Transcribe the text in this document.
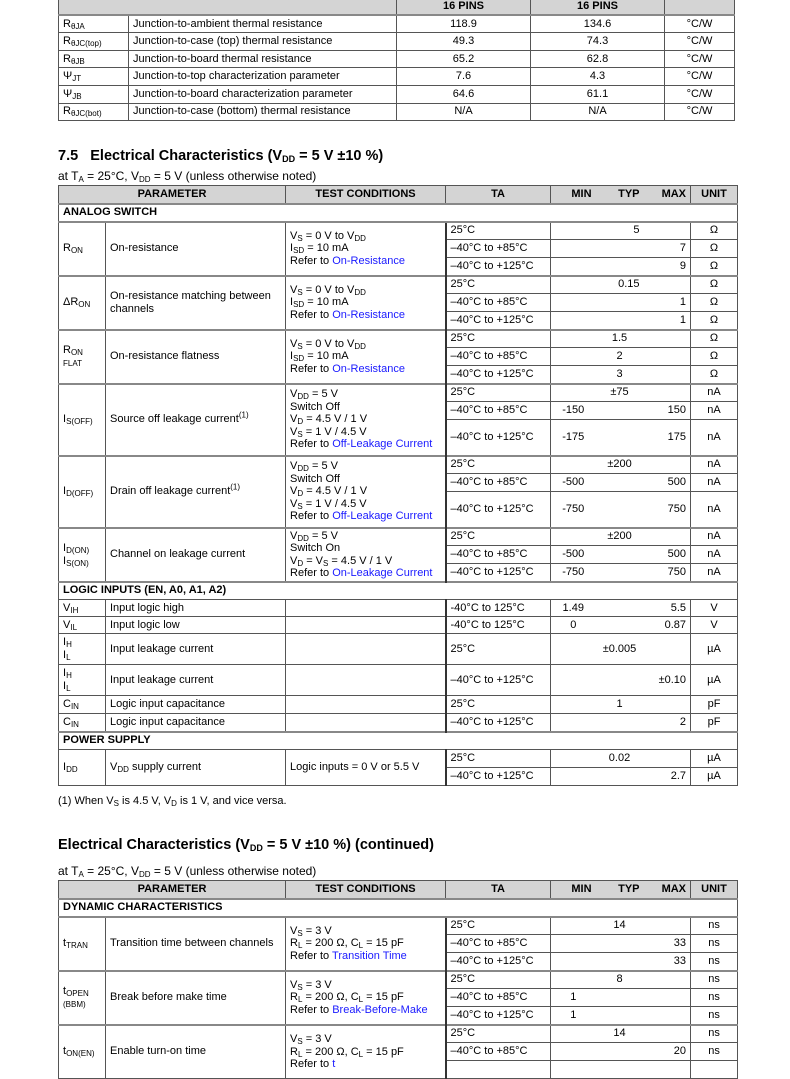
		16 PINS	16 PINS	
$R_{\theta JA}$	Junction-to-ambient thermal resistance	118.9	134.6	°C/W
$R_{\theta JC(top)}$	Junction-to-case (top) thermal resistance	49.3	74.3	°C/W
$R_{\theta JB}$	Junction-to-board thermal resistance	65.2	62.8	°C/W
$\Psi_{JT}$	Junction-to-top characterization parameter	7.6	4.3	°C/W
$\Psi_{JB}$	Junction-to-board characterization parameter	64.6	61.1	°C/W
$R_{\theta JC(bot)}$	Junction-to-case (bottom) thermal resistance	N/A	N/A	°C/W
7.5 Electrical Characteristics ($V_{DD} = 5$ V ±10 %)
at $T_A = 25^\circ C$, $V_{DD} = 5$ V (unless otherwise noted)
PARAMETER		TEST CONDITIONS	TA	MIN	TYP	MAX	UNIT
ANALOG SWITCH							
$R_{ON}$	On-resistance	$V_S = 0$ V to $V_{DD}$
$I_{SD} = 10$ mA
Refer to On-Resistance	25°C		5		Ω
			–40°C to +85°C			7	Ω
			–40°C to +125°C			9	Ω
$\Delta R_{ON}$	On-resistance matching between channels	$V_S = 0$ V to $V_{DD}$
$I_{SD} = 10$ mA
Refer to On-Resistance	25°C		0.15		Ω
			–40°C to +85°C			1	Ω
			–40°C to +125°C			1	Ω
$R_{ON}$
FLAT	On-resistance flatness	
$V_S = 0$ V to $V_{DD}$
$I_{SD} = 10$ mA
Refer to On-Resistance
	25°C		1.5		Ω
			–40°C to +85°C		2		Ω
			–40°C to +125°C		3		Ω
$I_{S(OFF)}$	Source off leakage current$^{(1)}$	$V_{DD} = 5$ V
Switch Off
$V_D = 4.5$ V / 1 V
$V_S = 1$ V / 4.5 V
Refer to Off-Leakage Current	25°C		±75		nA
			–40°C to +85°C	-150		150	nA
			–40°C to +125°C	-175		175	nA
$I_{D(OFF)}$	Drain off leakage current$^{(1)}$	$V_{DD} = 5$ V
Switch Off
$V_D = 4.5$ V / 1 V
$V_S = 1$ V / 4.5 V
Refer to Off-Leakage Current	25°C		±200		nA
			–40°C to +85°C	-500		500	nA
			–40°C to +125°C	-750		750	nA
$I_{D(ON)}$
$I_{S(ON)}$	Channel on leakage current	
$V_{DD} = 5$ V
Switch On
$V_D = V_S = 4.5$ V / 1 V
Refer to On-Leakage Current
	25°C		±200		nA
			–40°C to +85°C	-500		500	nA
			–40°C to +125°C	-750		750	nA
LOGIC INPUTS (EN, A0, A1, A2)							
$V_{IH}$	Input logic high		-40°C to 125°C	1.49		5.5	V
$V_{IL}$	Input logic low		-40°C to 125°C	0		0.87	V
$I_H$
$I_L$	Input leakage current		25°C		±0.005		µA
$I_H$
$I_L$	Input leakage current		–40°C to +125°C			±0.10	µA
$C_{IN}$	Logic input capacitance		25°C		1		pF
$C_{IN}$	Logic input capacitance		–40°C to +125°C			2	pF
POWER SUPPLY							
$I_{DD}$	$V_{DD}$ supply current	Logic inputs = 0 V or 5.5 V	25°C		0.02		µA
			–40°C to +125°C			2.7	µA
(1) When $V_S$ is 4.5 V, $V_D$ is 1 V, and vice versa.
Electrical Characteristics ($V_{DD} = 5$ V ±10 %) (continued)
at $T_A = 25^\circ C$, $V_{DD} = 5$ V (unless otherwise noted)
PARAMETER		TEST CONDITIONS	TA	MIN	TYP	MAX	UNIT
DYNAMIC CHARACTERISTICS							
$t_{TRAN}$	Transition time between channels	$V_S = 3$ V
$R_L = 200$ Ω, $C_L = 15$ pF
Refer to Transition Time	25°C		14		ns
			–40°C to +85°C			33	ns
			–40°C to +125°C			33	ns
$t_{OPEN}$
(BBM)	Break before make time	
$V_S = 3$ V
$R_L = 200$ Ω, $C_L = 15$ pF
Refer to Break-Before-Make
	25°C		8		ns
			–40°C to +85°C	1			ns
			–40°C to +125°C	1			ns
$t_{ON(EN)}$	Enable turn-on time	$V_S = 3$ V
$R_L = 200$ Ω, $C_L = 15$ pF
Refer to t	25°C		14		ns
			–40°C to +85°C			20	ns
